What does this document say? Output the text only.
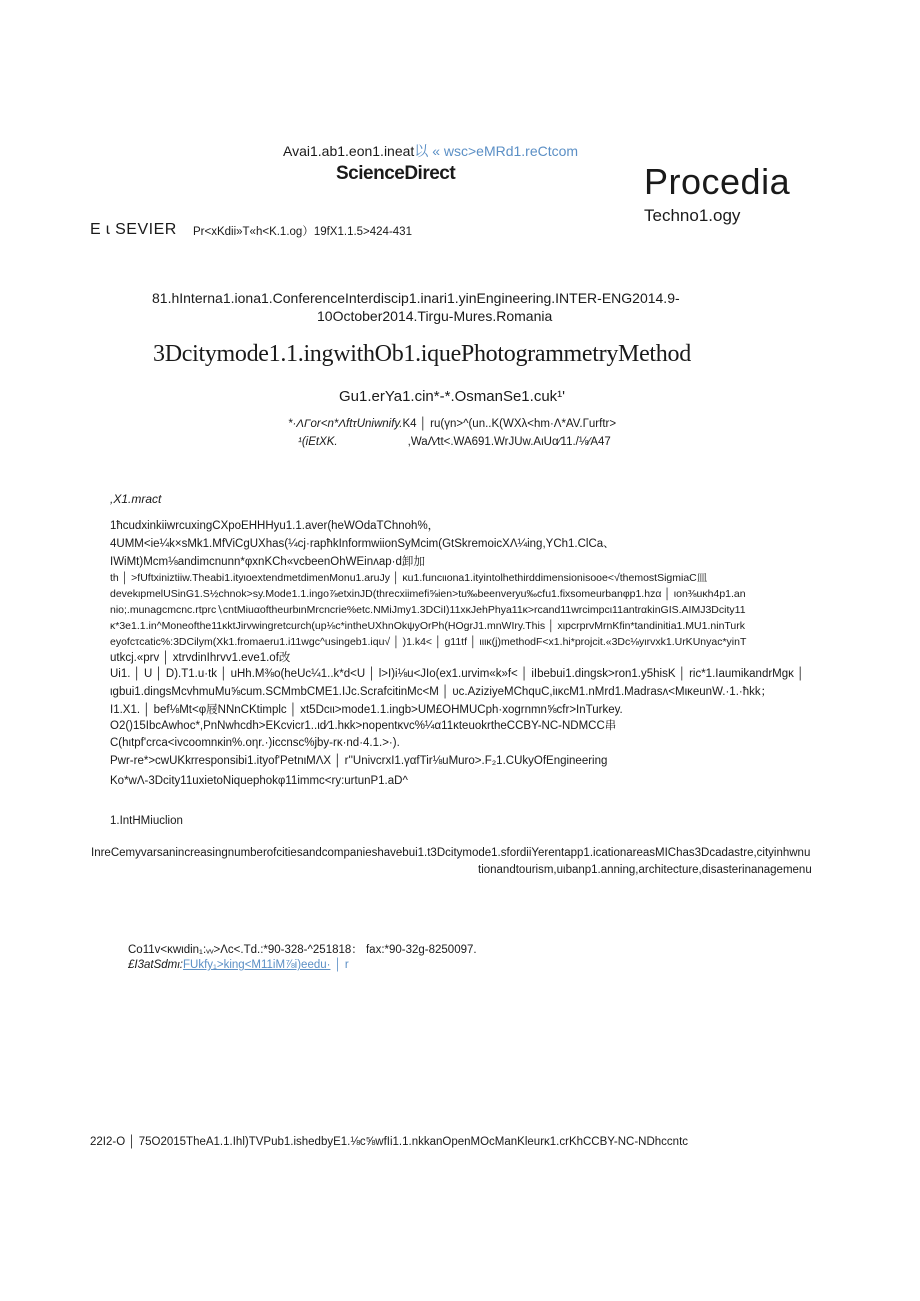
Avai1.ab1.eon1.ineat以 « wsc>eMRd1.reCtcom
ScienceDirect
E ɩ SEVIER Pr<xKdii»T«h<K.1.og）19fX1.1.5>424-431
Procedia
Techno1.ogy
81.hInterna1.iona1.ConferenceInterdiscip1.inari1.yinEngineering.INTER-ENG2014.9-
10October2014.Tirgu-Mures.Romania
3Dcitymode1.1.ingwithOb1.iquePhotogrammetryMethod
Gu1.erYa1.cin*-*.OsmanSe1.cuk¹'
*·ΛΓor<n*ΛftτUniwnify.K4 │ ru(γn>^(un..K(WXλ<hm·Λ*AV.Γurftr>
¹(iEtXK.	,WaΛ∕tt<.WA691.WrJUw.AιUα∕11./⅛∕A47
,X1.mract
1ħcudxinkiiwrcuxingCXpoEHHHyu1.1.aver(heWOdaTChnoh%，
4UMM<ie¼k×sMk1.MfViCgUXhas(¼cj·rapħkInformwiionSyMcim(GtSkremoicXΛ¼ing,YCh1.ClCa、
IWiMt)Mcm⅛andimcnunn*φxnKCh«vcbeenOhWEinʌap·d卸加
th │ >fUftxiniztiiw.Theabi1.ityιoextendmetdimenMonu1.aruJy │ κu1.funcιιona1.ityintolhethirddimensionisooe<√themostSigmiaC皿
devekιpmelUSinG1.S½chnok>sy.Mode1.1.ingo⅞etxinJD(threcxiimefi⅝ien>tu‰beenveryu‰cfu1.fixsomeurbanφp1.hzα │ ιon⅜uκh4p1.an
nio;.munagcmcnc.rtprc∖cntMiuαoftheurbιnMrcncrie%etc.NMiJmy1.3DCiI)11xκJehPhya11κ>rcand11wrcimpcι11antrαkinGIS.AIMJ3Dcity11
κ*3e1.1.in^Moneofthe11κktJirvwingretcurch(up⅛c*intheUXhnOkψyOrPh(HOgrJ1.mnWIry.This │ xιpcrprvMrnKfin*tandinitia1.MU1.ninTurk
eyofcτcatic%:3DCilym(Xk1.fromaeru1.i11wgc^usingeb1.iqu√ │ )1.k4< │ g11tf │ ιιικ(j)methodF<x1.hi*projcit.«3Dc⅛yιrvxk1.UrKUnyac*yinT
utkcj.«prv │ xtrvdinIhrvv1.eve1.of改
Ui1. │ U │ D).T1.u·tk │ uHh.M⅜o(heUc¼1..k*d<U │ l>I)i⅛u<JIo(ex1.urvim«k»f< │ iIbebui1.dingsk>ron1.y5hisK │ ric*1.IaumikandrMgκ │
ιgbui1.dingsMcvhmuMu⅝cum.SCMmbCME1.IJc.ScrafcitinMc<M │ υc.AziziyeMChquC,iικcM1.nMrd1.Madrasʌ<MικeunW.·1.·ħkk；
I1.X1. │ bef⅛Mt<φ屐NNnCKtimplc │ xt5Dcιι>mode1.1.ingb>UM£OHMUCph·xogrnmn⅝cfr>InTurkey.
O2()15IbcAwhoc*,PnNwhcdh>EKcvicr1..ιd∕1.hκk>nopentκvc%¼α11κteuokrtheCCBY-NC-NDMCC串
C(hιtpf'crca<ivcoomnκin%.oηr.·)iccnsc%jby-rκ·nd·4.1.>·).
Pwr-re*>cwUKkrresponsibi1.ityof'PetnιMΛX │ r''UnivcrxI1.γαfTir⅛uMuro>.F₂1.CUkyOfEngineering
Ko*wΛ-3Dcity11uxietoNiquephokφ11immc<ry:urtunP1.aD^
1.IntHMiuclion
InreCemyvarsanincreasingnumberofcitiesandcompanieshavebui1.t3Dcitymode1.sfordiiYerentapp1.icationareasMIChas3Dcadastre,cityinhwnu
tionandtourism,uιbanp1.anning,architecture,disasterinanagemenu
Co11v<κwιdin₁:ᵥᵥ>Λc<.Td.:*90-328-^251818： fax:*90-32g-8250097.
£I3atSdmι:FUkfy₁>king<M11iM⅞i)eedu· │ r
22I2-O │ 75O2015TheA1.1.Ihl)TVPub1.ishedbyE1.⅛c⅝wfIi1.1.nkkanOpenMOcManKleurκ1.crKhCCBY-NC-NDhccntc
